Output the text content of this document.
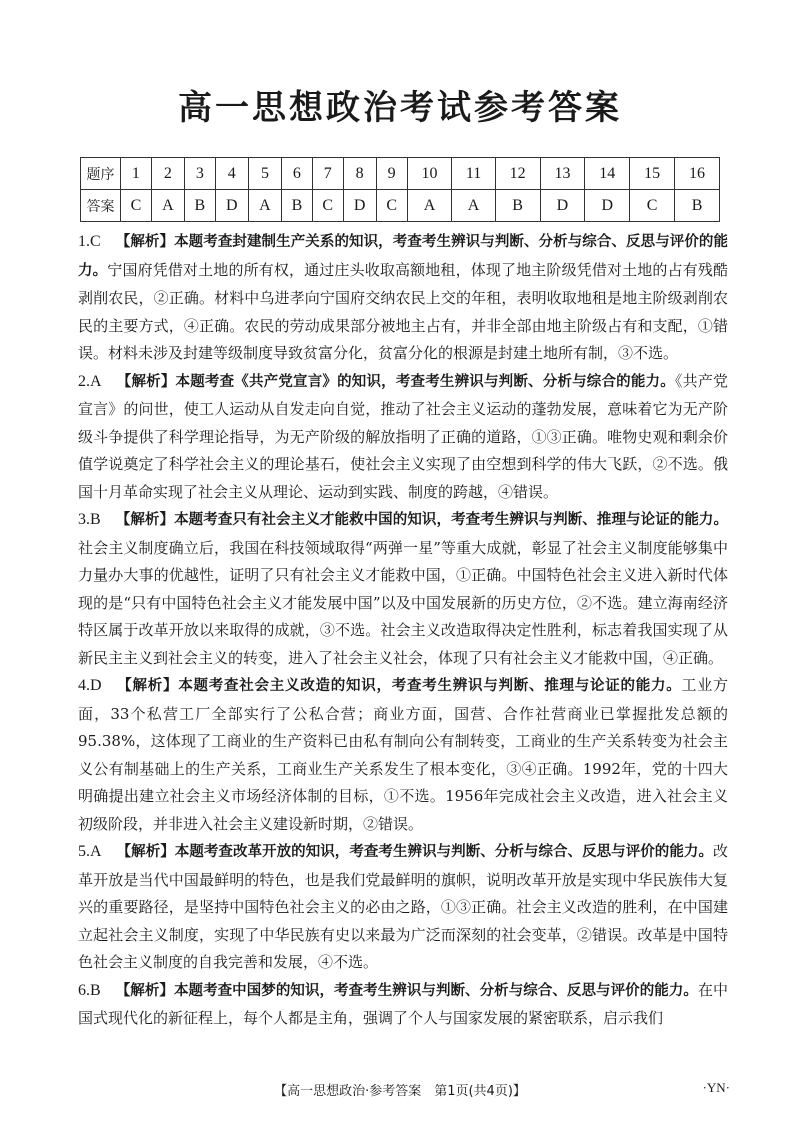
高一思想政治考试参考答案
题序	1	2	3	4	5	6	7	8	9	10	11	12	13	14	15	16
答案	C	A	B	D	A	B	C	D	C	A	A	B	D	D	C	B

1.C  【解析】本题考查封建制生产关系的知识，考查考生辨识与判断、分析与综合、反思与评价的能力。宁国府凭借对土地的所有权，通过庄头收取高额地租，体现了地主阶级凭借对土地的占有残酷剥削农民，②正确。材料中乌进孝向宁国府交纳农民上交的年租，表明收取地租是地主阶级剥削农民的主要方式，④正确。农民的劳动成果部分被地主占有，并非全部由地主阶级占有和支配，①错误。材料未涉及封建等级制度导致贫富分化，贫富分化的根源是封建土地所有制，③不选。

2.A  【解析】本题考查《共产党宣言》的知识，考查考生辨识与判断、分析与综合的能力。《共产党宣言》的问世，使工人运动从自发走向自觉，推动了社会主义运动的蓬勃发展，意味着它为无产阶级斗争提供了科学理论指导，为无产阶级的解放指明了正确的道路，①③正确。唯物史观和剩余价值学说奠定了科学社会主义的理论基石，使社会主义实现了由空想到科学的伟大飞跃，②不选。俄国十月革命实现了社会主义从理论、运动到实践、制度的跨越，④错误。

3.B  【解析】本题考查只有社会主义才能救中国的知识，考查考生辨识与判断、推理与论证的能力。社会主义制度确立后，我国在科技领域取得“两弹一星”等重大成就，彰显了社会主义制度能够集中力量办大事的优越性，证明了只有社会主义才能救中国，①正确。中国特色社会主义进入新时代体现的是“只有中国特色社会主义才能发展中国”以及中国发展新的历史方位，②不选。建立海南经济特区属于改革开放以来取得的成就，③不选。社会主义改造取得决定性胜利，标志着我国实现了从新民主主义到社会主义的转变，进入了社会主义社会，体现了只有社会主义才能救中国，④正确。

4.D  【解析】本题考查社会主义改造的知识，考查考生辨识与判断、推理与论证的能力。工业方面，33个私营工厂全部实行了公私合营；商业方面，国营、合作社营商业已掌握批发总额的95.38%，这体现了工商业的生产资料已由私有制向公有制转变，工商业的生产关系转变为社会主义公有制基础上的生产关系，工商业生产关系发生了根本变化，③④正确。1992年，党的十四大明确提出建立社会主义市场经济体制的目标，①不选。1956年完成社会主义改造，进入社会主义初级阶段，并非进入社会主义建设新时期，②错误。

5.A  【解析】本题考查改革开放的知识，考查考生辨识与判断、分析与综合、反思与评价的能力。改革开放是当代中国最鲜明的特色，也是我们党最鲜明的旗帜，说明改革开放是实现中华民族伟大复兴的重要路径，是坚持中国特色社会主义的必由之路，①③正确。社会主义改造的胜利，在中国建立起社会主义制度，实现了中华民族有史以来最为广泛而深刻的社会变革，②错误。改革是中国特色社会主义制度的自我完善和发展，④不选。

6.B  【解析】本题考查中国梦的知识，考查考生辨识与判断、分析与综合、反思与评价的能力。在中国式现代化的新征程上，每个人都是主角，强调了个人与国家发展的紧密联系，启示我们

【高一思想政治·参考答案　第1页(共4页)】	·YN·
